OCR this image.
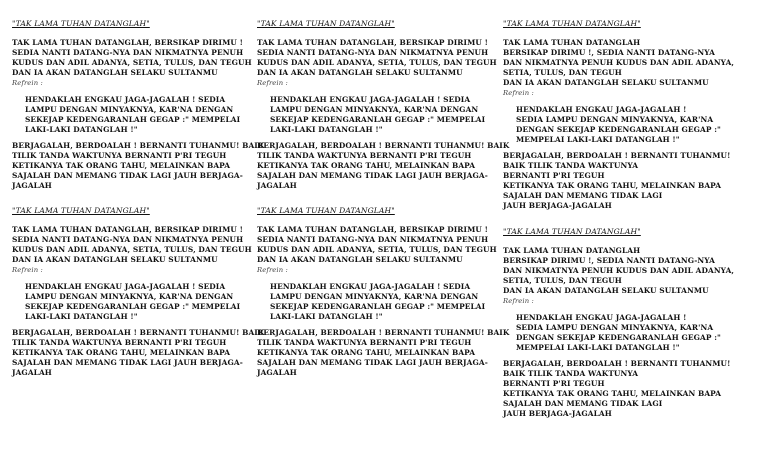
"TAK LAMA TUHAN DATANGLAH"
TAK LAMA TUHAN DATANGLAH, BERSIKAP DIRIMU !
SEDIA NANTI DATANG-NYA DAN NIKMATNYA PENUH
KUDUS DAN ADIL ADANYA, SETIA, TULUS, DAN TEGUH
DAN IA AKAN DATANGLAH SELAKU SULTANMU
Refrein :
HENDAKLAH ENGKAU JAGA-JAGALAH ! SEDIA
LAMPU DENGAN MINYAKNYA, KAR'NA DENGAN
SEKEJAP KEDENGARANLAH GEGAP :" MEMPELAI
LAKI-LAKI DATANGLAH !"
BERJAGALAH, BERDOALAH ! BERNANTI TUHANMU! BAIK
TILIK TANDA WAKTUNYA BERNANTI P'RI TEGUH
KETIKANYA TAK ORANG TAHU, MELAINKAN BAPA
SAJALAH DAN MEMANG TIDAK LAGI JAUH BERJAGA-
JAGALAH
"TAK LAMA TUHAN DATANGLAH"
TAK LAMA TUHAN DATANGLAH, BERSIKAP DIRIMU !
SEDIA NANTI DATANG-NYA DAN NIKMATNYA PENUH
KUDUS DAN ADIL ADANYA, SETIA, TULUS, DAN TEGUH
DAN IA AKAN DATANGLAH SELAKU SULTANMU
Refrein :
HENDAKLAH ENGKAU JAGA-JAGALAH ! SEDIA
LAMPU DENGAN MINYAKNYA, KAR'NA DENGAN
SEKEJAP KEDENGARANLAH GEGAP :" MEMPELAI
LAKI-LAKI DATANGLAH !"
BERJAGALAH, BERDOALAH ! BERNANTI TUHANMU! BAIK
TILIK TANDA WAKTUNYA BERNANTI P'RI TEGUH
KETIKANYA TAK ORANG TAHU, MELAINKAN BAPA
SAJALAH DAN MEMANG TIDAK LAGI JAUH BERJAGA-
JAGALAH
"TAK LAMA TUHAN DATANGLAH"
TAK LAMA TUHAN DATANGLAH
BERSIKAP DIRIMU !, SEDIA NANTI DATANG-NYA
DAN NIKMATNYA PENUH KUDUS DAN ADIL ADANYA,
SETIA, TULUS, DAN TEGUH
DAN IA AKAN DATANGLAH SELAKU SULTANMU
Refrein :
HENDAKLAH ENGKAU JAGA-JAGALAH !
SEDIA LAMPU DENGAN MINYAKNYA, KAR'NA
DENGAN SEKEJAP KEDENGARANLAH GEGAP :"
MEMPELAI LAKI-LAKI DATANGLAH !"
BERJAGALAH, BERDOALAH ! BERNANTI TUHANMU!
BAIK TILIK TANDA WAKTUNYA
BERNANTI P'RI TEGUH
KETIKANYA TAK ORANG TAHU, MELAINKAN BAPA
SAJALAH DAN MEMANG TIDAK LAGI
JAUH BERJAGA-JAGALAH
"TAK LAMA TUHAN DATANGLAH"
TAK LAMA TUHAN DATANGLAH, BERSIKAP DIRIMU !
SEDIA NANTI DATANG-NYA DAN NIKMATNYA PENUH
KUDUS DAN ADIL ADANYA, SETIA, TULUS, DAN TEGUH
DAN IA AKAN DATANGLAH SELAKU SULTANMU
Refrein :
HENDAKLAH ENGKAU JAGA-JAGALAH ! SEDIA
LAMPU DENGAN MINYAKNYA, KAR'NA DENGAN
SEKEJAP KEDENGARANLAH GEGAP :" MEMPELAI
LAKI-LAKI DATANGLAH !"
BERJAGALAH, BERDOALAH ! BERNANTI TUHANMU! BAIK
TILIK TANDA WAKTUNYA BERNANTI P'RI TEGUH
KETIKANYA TAK ORANG TAHU, MELAINKAN BAPA
SAJALAH DAN MEMANG TIDAK LAGI JAUH BERJAGA-
JAGALAH
"TAK LAMA TUHAN DATANGLAH"
TAK LAMA TUHAN DATANGLAH, BERSIKAP DIRIMU !
SEDIA NANTI DATANG-NYA DAN NIKMATNYA PENUH
KUDUS DAN ADIL ADANYA, SETIA, TULUS, DAN TEGUH
DAN IA AKAN DATANGLAH SELAKU SULTANMU
Refrein :
HENDAKLAH ENGKAU JAGA-JAGALAH ! SEDIA
LAMPU DENGAN MINYAKNYA, KAR'NA DENGAN
SEKEJAP KEDENGARANLAH GEGAP :" MEMPELAI
LAKI-LAKI DATANGLAH !"
BERJAGALAH, BERDOALAH ! BERNANTI TUHANMU! BAIK
TILIK TANDA WAKTUNYA BERNANTI P'RI TEGUH
KETIKANYA TAK ORANG TAHU, MELAINKAN BAPA
SAJALAH DAN MEMANG TIDAK LAGI JAUH BERJAGA-
JAGALAH
"TAK LAMA TUHAN DATANGLAH"
TAK LAMA TUHAN DATANGLAH
BERSIKAP DIRIMU !, SEDIA NANTI DATANG-NYA
DAN NIKMATNYA PENUH KUDUS DAN ADIL ADANYA,
SETIA, TULUS, DAN TEGUH
DAN IA AKAN DATANGLAH SELAKU SULTANMU
Refrein :
HENDAKLAH ENGKAU JAGA-JAGALAH !
SEDIA LAMPU DENGAN MINYAKNYA, KAR'NA
DENGAN SEKEJAP KEDENGARANLAH GEGAP :"
MEMPELAI LAKI-LAKI DATANGLAH !"
BERJAGALAH, BERDOALAH ! BERNANTI TUHANMU!
BAIK TILIK TANDA WAKTUNYA
BERNANTI P'RI TEGUH
KETIKANYA TAK ORANG TAHU, MELAINKAN BAPA
SAJALAH DAN MEMANG TIDAK LAGI
JAUH BERJAGA-JAGALAH
